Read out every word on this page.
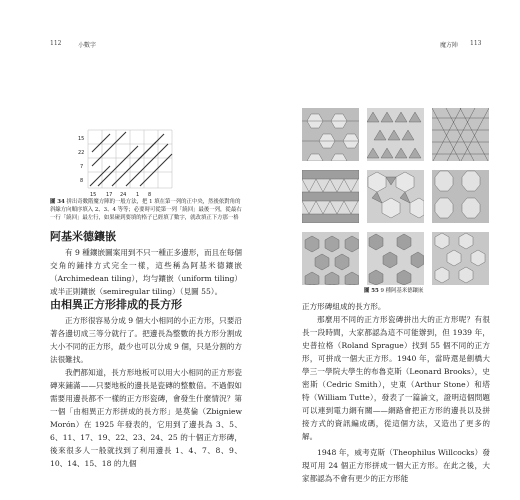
112	小數字	魔方陣 113
15
22
7
8
15 17 24 1 8
圖 34 拼出奇數階魔方陣的一般方法，把 1 填在第一列的正中央，然後依對角的斜線方向順序填入 2、3、4 等等；必要時可從第一列「繞回」最後一列，從最右一行「繞回」最左行，如果碰到要填的格子已經填了數字，就改填正下方那一格
阿基米德鑲嵌
有 9 種鑲嵌圖案用到不只一種正多邊形，而且在每個交角的鋪排方式完全一樣，這些稱為阿基米德鑲嵌（Archimedean tiling），均勻鑲嵌（uniform tiling）或半正則鑲嵌（semiregular tiling）（見圖 55）。
由相異正方形排成的長方形
正方形很容易分成 9 個大小相同的小正方形，只要沿著各邊切成三等分就行了。把邊長為整數的長方形分割成大小不同的正方形，最少也可以分成 9 個，只是分割的方法很難找。
我們都知道，長方形地板可以用大小相同的正方形瓷磚來鋪滿——只要地板的邊長是瓷磚的整數倍。不過假如需要用邊長都不一樣的正方形瓷磚，會發生什麼情況？第一個「由相異正方形拼成的長方形」是莫倫（Zbigniew Morón）在 1925 年發表的，它用到了邊長為 3、5、6、11、17、19、22、23、24、25 的十個正方形磚，後來很多人一般就找到了利用邊長 1、4、7、8、9、10、14、15、18 的九個
圖 55 9 種阿基米德鑲嵌
正方形磚組成的長方形。
那麼用不同的正方形瓷磚拼出大的正方形呢？有很長一段時間，大家都認為這不可能辦到，但 1939 年，史普拉格（Roland Sprague）找到 55 個不同的正方形，可拼成一個大正方形。1940 年，當時還是劍橋大學三一學院大學生的布魯克斯（Leonard Brooks），史密斯（Cedric Smith），史東（Arthur Stone）和塔特（William Tutte），發表了一篇論文，證明這個問題可以連到電力網有關——網路會把正方形的邊長以及拼接方式的資訊編成碼，從這個方法，又造出了更多的解。
1948 年，威考克斯（Theophilus Willcocks）發現可用 24 個正方形拼成一個大正方形。在此之後，大家都認為不會有更少的正方形能
